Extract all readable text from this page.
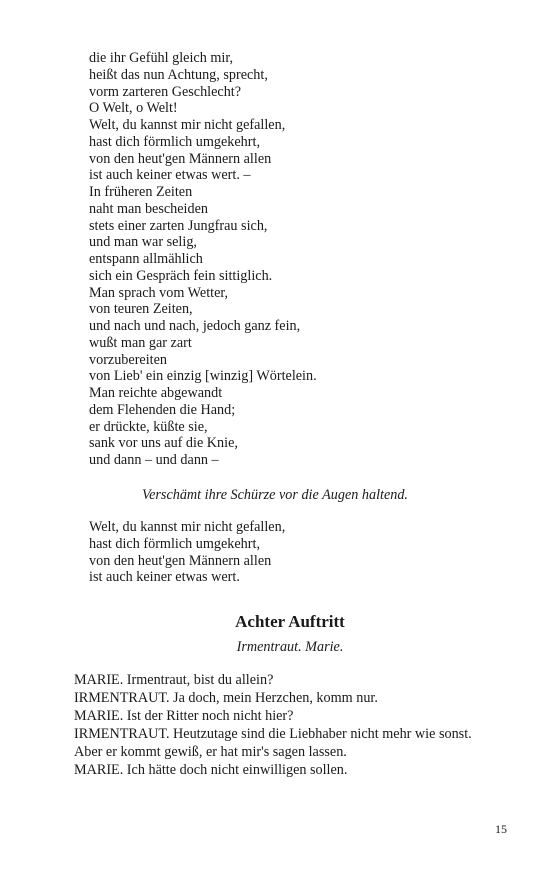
die ihr Gefühl gleich mir,
heißt das nun Achtung, sprecht,
vorm zarteren Geschlecht?
O Welt, o Welt!
Welt, du kannst mir nicht gefallen,
hast dich förmlich umgekehrt,
von den heut'gen Männern allen
ist auch keiner etwas wert. –
In früheren Zeiten
naht man bescheiden
stets einer zarten Jungfrau sich,
und man war selig,
entspann allmählich
sich ein Gespräch fein sittiglich.
Man sprach vom Wetter,
von teuren Zeiten,
und nach und nach, jedoch ganz fein,
wußt man gar zart
vorzubereiten
von Lieb' ein einzig [winzig] Wörtelein.
Man reichte abgewandt
dem Flehenden die Hand;
er drückte, küßte sie,
sank vor uns auf die Knie,
und dann – und dann –
Verschämt ihre Schürze vor die Augen haltend.
Welt, du kannst mir nicht gefallen,
hast dich förmlich umgekehrt,
von den heut'gen Männern allen
ist auch keiner etwas wert.
Achter Auftritt
Irmentraut. Marie.
MARIE. Irmentraut, bist du allein?
IRMENTRAUT. Ja doch, mein Herzchen, komm nur.
MARIE. Ist der Ritter noch nicht hier?
IRMENTRAUT. Heutzutage sind die Liebhaber nicht mehr wie sonst.
Aber er kommt gewiß, er hat mir's sagen lassen.
MARIE. Ich hätte doch nicht einwilligen sollen.
15
